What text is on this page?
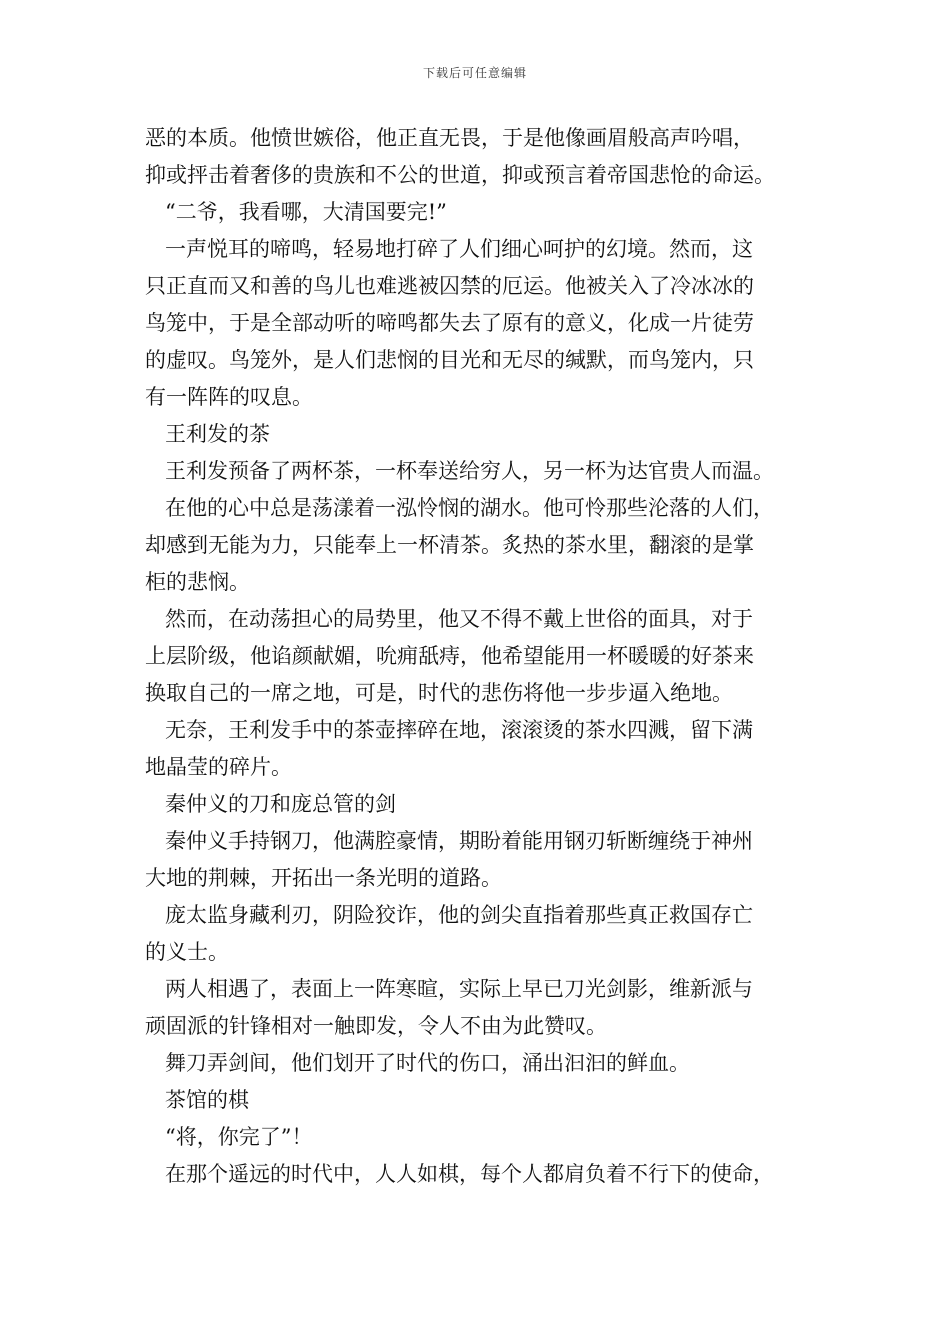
下载后可任意编辑
恶的本质。他愤世嫉俗，他正直无畏，于是他像画眉般高声吟唱，
抑或抨击着奢侈的贵族和不公的世道，抑或预言着帝国悲怆的命运。
“二爷，我看哪，大清国要完!”
一声悦耳的啼鸣，轻易地打碎了人们细心呵护的幻境。然而，这
只正直而又和善的鸟儿也难逃被囚禁的厄运。他被关入了冷冰冰的
鸟笼中，于是全部动听的啼鸣都失去了原有的意义，化成一片徒劳
的虚叹。鸟笼外，是人们悲悯的目光和无尽的缄默，而鸟笼内，只
有一阵阵的叹息。
王利发的茶
王利发预备了两杯茶，一杯奉送给穷人，另一杯为达官贵人而温。
在他的心中总是荡漾着一泓怜悯的湖水。他可怜那些沦落的人们，
却感到无能为力，只能奉上一杯清茶。炙热的茶水里，翻滚的是掌
柜的悲悯。
然而，在动荡担心的局势里，他又不得不戴上世俗的面具，对于
上层阶级，他谄颜献媚，吮痈舐痔，他希望能用一杯暖暖的好茶来
换取自己的一席之地，可是，时代的悲伤将他一步步逼入绝地。
无奈，王利发手中的茶壶摔碎在地，滚滚烫的茶水四溅，留下满
地晶莹的碎片。
秦仲义的刀和庞总管的剑
秦仲义手持钢刀，他满腔豪情，期盼着能用钢刃斩断缠绕于神州
大地的荆棘，开拓出一条光明的道路。
庞太监身藏利刃，阴险狡诈，他的剑尖直指着那些真正救国存亡
的义士。
两人相遇了，表面上一阵寒暄，实际上早已刀光剑影，维新派与
顽固派的针锋相对一触即发，令人不由为此赞叹。
舞刀弄剑间，他们划开了时代的伤口，涌出汩汩的鲜血。
茶馆的棋
“将，你完了”！
在那个遥远的时代中，人人如棋，每个人都肩负着不行下的使命，
